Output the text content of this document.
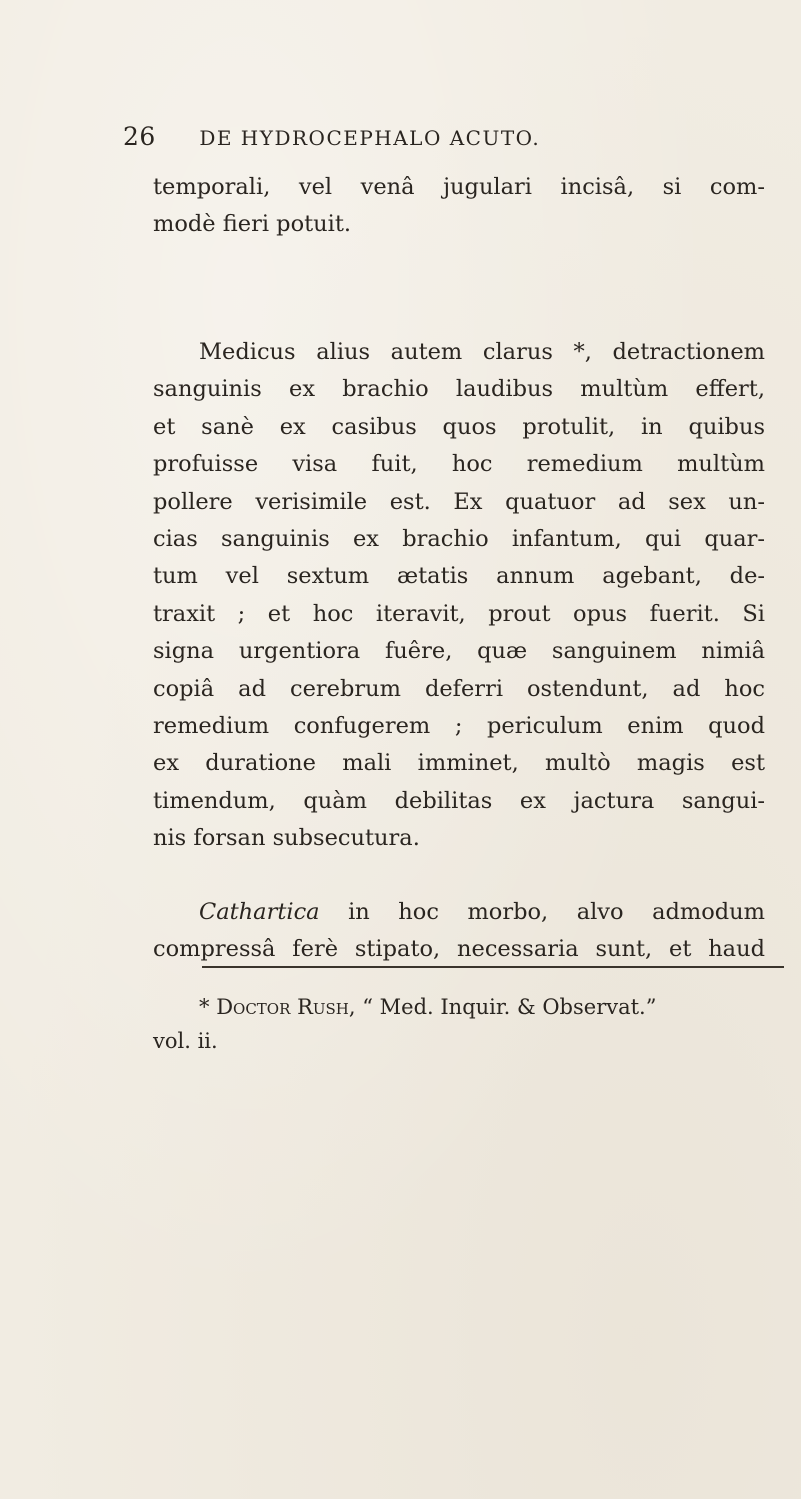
26 DE HYDROCEPHALO ACUTO.
temporali, vel venâ jugulari incisâ, si com-
modè fieri potuit.
Medicus alius autem clarus *, detractionem
sanguinis ex brachio laudibus multùm effert,
et sanè ex casibus quos protulit, in quibus
profuisse visa fuit, hoc remedium multùm
pollere verisimile est. Ex quatuor ad sex un-
cias sanguinis ex brachio infantum, qui quar-
tum vel sextum ætatis annum agebant, de-
traxit ; et hoc iteravit, prout opus fuerit. Si
signa urgentiora fuêre, quæ sanguinem nimiâ
copiâ ad cerebrum deferri ostendunt, ad hoc
remedium confugerem ; periculum enim quod
ex duratione mali imminet, multò magis est
timendum, quàm debilitas ex jactura sangui-
nis forsan subsecutura.
Cathartica in hoc morbo, alvo admodum
compressâ ferè stipato, necessaria sunt, et haud
* Doctor Rush, “ Med. Inquir. & Observat.”
vol. ii.
